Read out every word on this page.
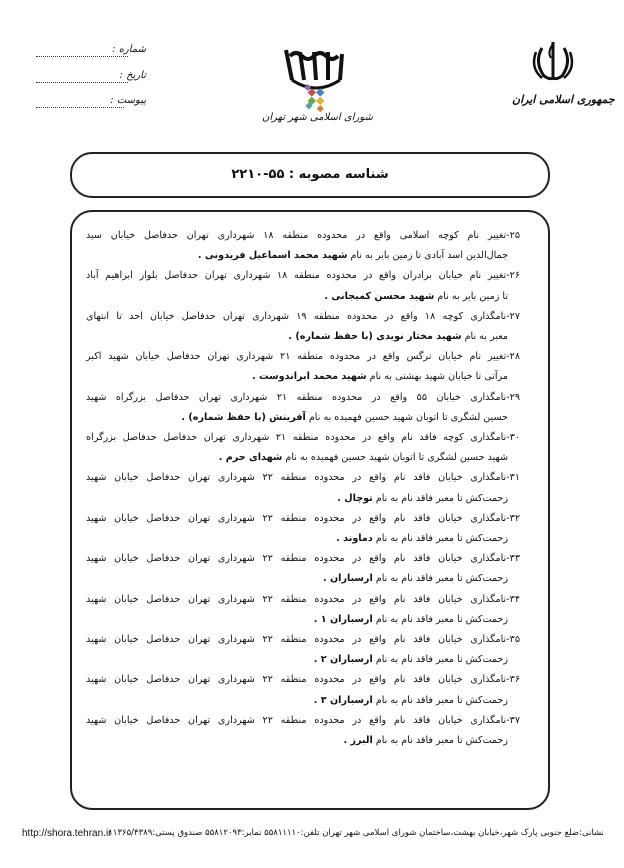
شماره :
تاریخ :
پیوست :
شورای اسلامی شهر تهران
جمهوری اسلامی ایران
شناسه مصوبه : ۵۵-۲۲۱۰
۲۵-تغییر نام کوچه اسلامی واقع در محدوده منطقه ۱۸ شهرداری تهران حدفاصل خیابان سید
جمال‌الدین اسد آبادی تا زمین بایر به نام شهید محمد اسماعیل فریدونی .
۲۶-تغییر نام خیابان برادران واقع در محدوده منطقه ۱۸ شهرداری تهران حدفاصل بلوار ابراهیم آباد
تا زمین بایر به نام شهید محسن کمیجانی .
۲۷-نامگذاری کوچه ۱۸ واقع در محدوده منطقه ۱۹ شهرداری تهران حدفاصل خیابان احد تا انتهای
معبر به نام شهید مختار نویدی (با حفظ شماره) .
۲۸-تغییر نام خیابان نرگس واقع در محدوده منطقه ۲۱ شهرداری تهران حدفاصل خیابان شهید اکبر
مرآتی تا خیابان شهید بهشتی به نام شهید محمد ابراندوست .
۲۹-نامگذاری خیابان ۵۵ واقع در محدوده منطقه ۲۱ شهرداری تهران حدفاصل بزرگراه شهید
حسین لشگری تا اتوبان شهید حسین فهمیده به نام آفرینش (با حفظ شماره) .
۳۰-نامگذاری کوچه فاقد نام واقع در محدوده منطقه ۲۱ شهرداری تهران حدفاصل حدفاصل بزرگراه
شهید حسین لشگری تا اتوبان شهید حسین فهمیده به نام شهدای حرم .
۳۱-نامگذاری خیابان فاقد نام واقع در محدوده منطقه ۲۲ شهرداری تهران حدفاصل خیابان شهید
زحمت‌کش تا معبر فاقد نام به نام توچال .
۳۲-نامگذاری خیابان فاقد نام واقع در محدوده منطقه ۲۲ شهرداری تهران حدفاصل خیابان شهید
زحمت‌کش تا معبر فاقد نام به نام دماوند .
۳۳-نامگذاری خیابان فاقد نام واقع در محدوده منطقه ۲۲ شهرداری تهران حدفاصل خیابان شهید
زحمت‌کش تا معبر فاقد نام به نام ارسباران .
۳۴-نامگذاری خیابان فاقد نام واقع در محدوده منطقه ۲۲ شهرداری تهران حدفاصل خیابان شهید
زحمت‌کش تا معبر فاقد نام به نام ارسباران ۱ .
۳۵-نامگذاری خیابان فاقد نام واقع در محدوده منطقه ۲۲ شهرداری تهران حدفاصل خیابان شهید
زحمت‌کش تا معبر فاقد نام به نام ارسباران ۲ .
۳۶-نامگذاری خیابان فاقد نام واقع در محدوده منطقه ۲۲ شهرداری تهران حدفاصل خیابان شهید
زحمت‌کش تا معبر فاقد نام به نام ارسباران ۳ .
۳۷-نامگذاری خیابان فاقد نام واقع در محدوده منطقه ۲۲ شهرداری تهران حدفاصل خیابان شهید
زحمت‌کش تا معبر فاقد نام به نام البرز .
http://shora.tehran.ir
نشانی:ضلع جنوبی پارک شهر،خیابان بهشت،ساختمان شورای اسلامی شهر تهران تلفن:۵۵۸۱۱۱۱۰ نمابر:۵۵۸۱۲۰۹۳ صندوق پستی:۱۱۳۶۵/۴۳۸۹
